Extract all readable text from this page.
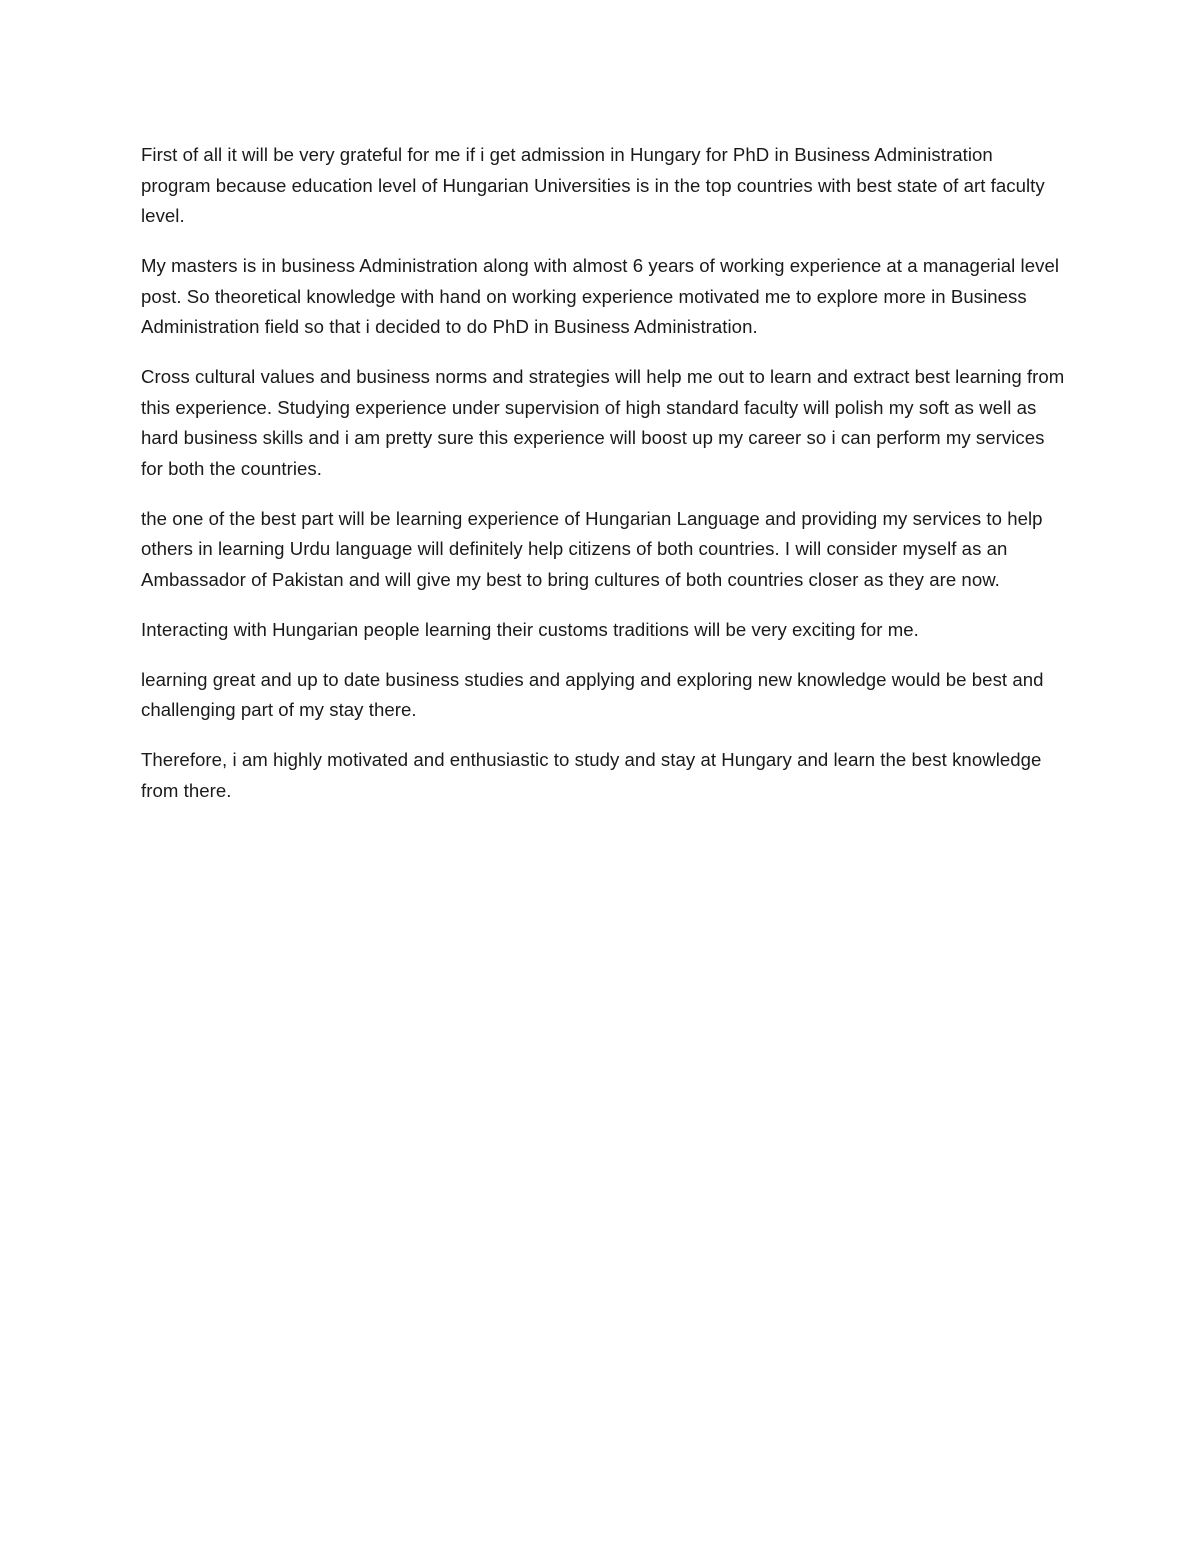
First of all it will be very grateful for me if i get admission in Hungary for PhD in Business Administration program because education level of Hungarian Universities is in the top countries with best state of art faculty level.

My masters is in business Administration along with almost 6 years of working experience at a managerial level post. So theoretical knowledge with hand on working experience motivated me to explore more in Business Administration field so that i decided to do PhD in Business Administration.

Cross cultural values and business norms and strategies will help me out to learn and extract best learning from this experience. Studying experience under supervision of high standard faculty will polish my soft as well as hard business skills and i am pretty sure this experience will boost up my career so i can perform my services for both the countries.

the one of the best part will be learning experience of Hungarian Language and providing my services to help others in learning Urdu language will definitely help citizens of both countries. I will consider myself as an Ambassador of Pakistan and will give my best to bring cultures of both countries closer as they are now.

Interacting with Hungarian people learning their customs traditions will be very exciting for me.

learning great and up to date business studies and applying and exploring new knowledge would be best and challenging part of my stay there.

Therefore, i am highly motivated and enthusiastic to study and stay at Hungary and learn the best knowledge from there.
